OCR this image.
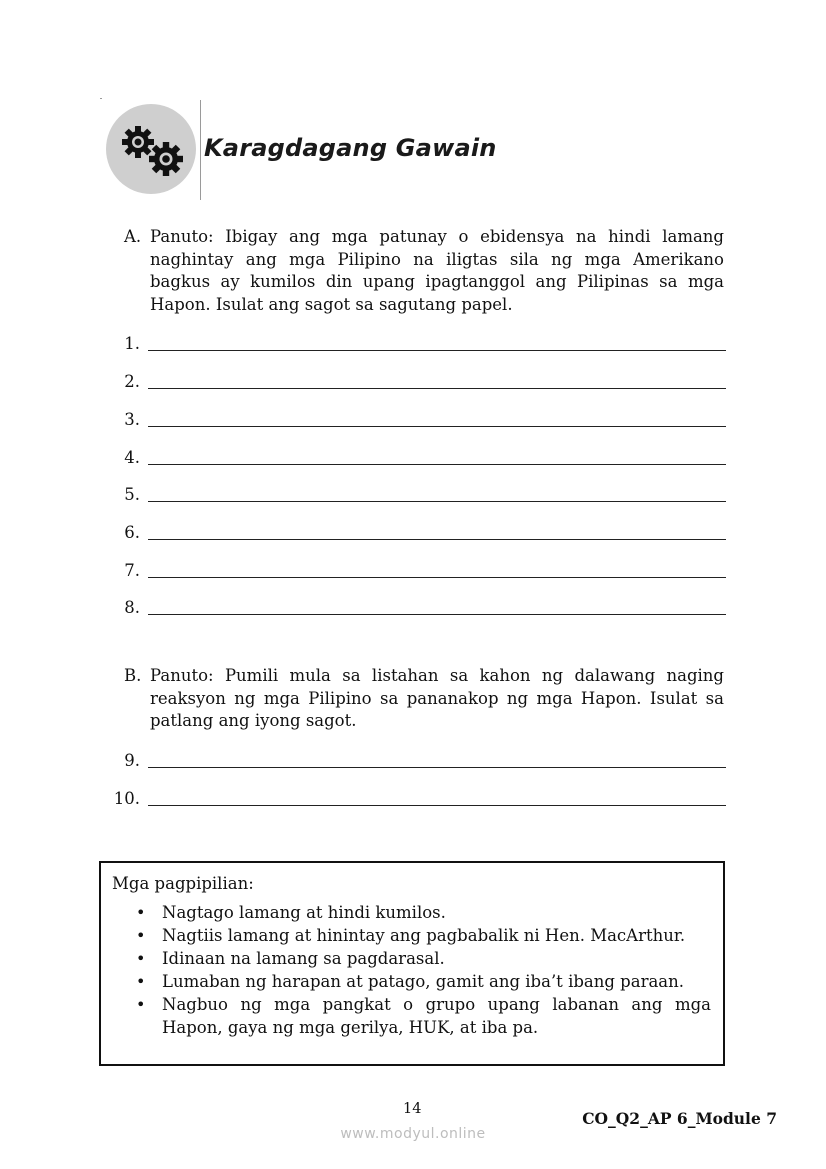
Karagdagang Gawain
A. Panuto: Ibigay ang mga patunay o ebidensya na hindi lamang naghintay ang mga Pilipino na iligtas sila ng mga Amerikano bagkus ay kumilos din upang ipagtanggol ang Pilipinas sa mga Hapon. Isulat ang sagot sa sagutang papel.
1.
2.
3.
4.
5.
6.
7.
8.
B. Panuto: Pumili mula sa listahan sa kahon ng dalawang naging reaksyon ng mga Pilipino sa pananakop ng mga Hapon. Isulat sa patlang ang iyong sagot.
9.
10.
Mga pagpipilian:
• Nagtago lamang at hindi kumilos.
• Nagtiis lamang at hinintay ang pagbabalik ni Hen. MacArthur.
• Idinaan na lamang sa pagdarasal.
• Lumaban ng harapan at patago, gamit ang iba’t ibang paraan.
• Nagbuo ng mga pangkat o grupo upang labanan ang mga Hapon, gaya ng mga gerilya, HUK, at iba pa.
14	CO_Q2_AP 6_Module 7
www.modyul.online
